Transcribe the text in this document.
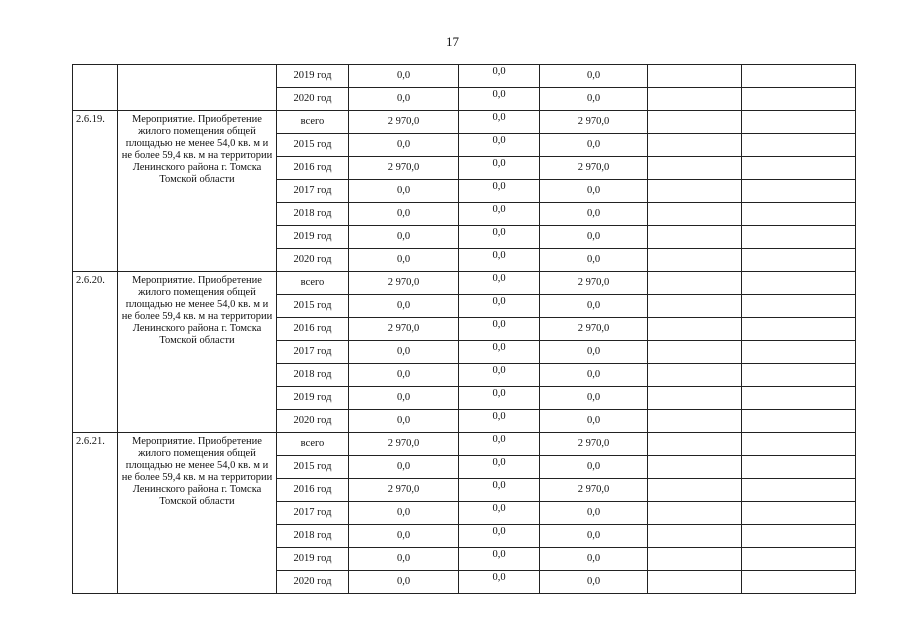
17
		2019 год	0,0	0,0	0,0		
		2020 год	0,0	0,0	0,0		
2.6.19.	Мероприятие. Приобретение жилого помещения общей площадью не менее 54,0 кв. м и не более 59,4 кв. м на территории Ленинского района г. Томска Томской области	всего	2 970,0	0,0	2 970,0		
		2015 год	0,0	0,0	0,0		
		2016 год	2 970,0	0,0	2 970,0		
		2017 год	0,0	0,0	0,0		
		2018 год	0,0	0,0	0,0		
		2019 год	0,0	0,0	0,0		
		2020 год	0,0	0,0	0,0		
2.6.20.	Мероприятие. Приобретение жилого помещения общей площадью не менее 54,0 кв. м и не более 59,4 кв. м на территории Ленинского района г. Томска Томской области	всего	2 970,0	0,0	2 970,0		
		2015 год	0,0	0,0	0,0		
		2016 год	2 970,0	0,0	2 970,0		
		2017 год	0,0	0,0	0,0		
		2018 год	0,0	0,0	0,0		
		2019 год	0,0	0,0	0,0		
		2020 год	0,0	0,0	0,0		
2.6.21.	Мероприятие. Приобретение жилого помещения общей площадью не менее 54,0 кв. м и не более 59,4 кв. м на территории Ленинского района г. Томска Томской области	всего	2 970,0	0,0	2 970,0		
		2015 год	0,0	0,0	0,0		
		2016 год	2 970,0	0,0	2 970,0		
		2017 год	0,0	0,0	0,0		
		2018 год	0,0	0,0	0,0		
		2019 год	0,0	0,0	0,0		
		2020 год	0,0	0,0	0,0		
